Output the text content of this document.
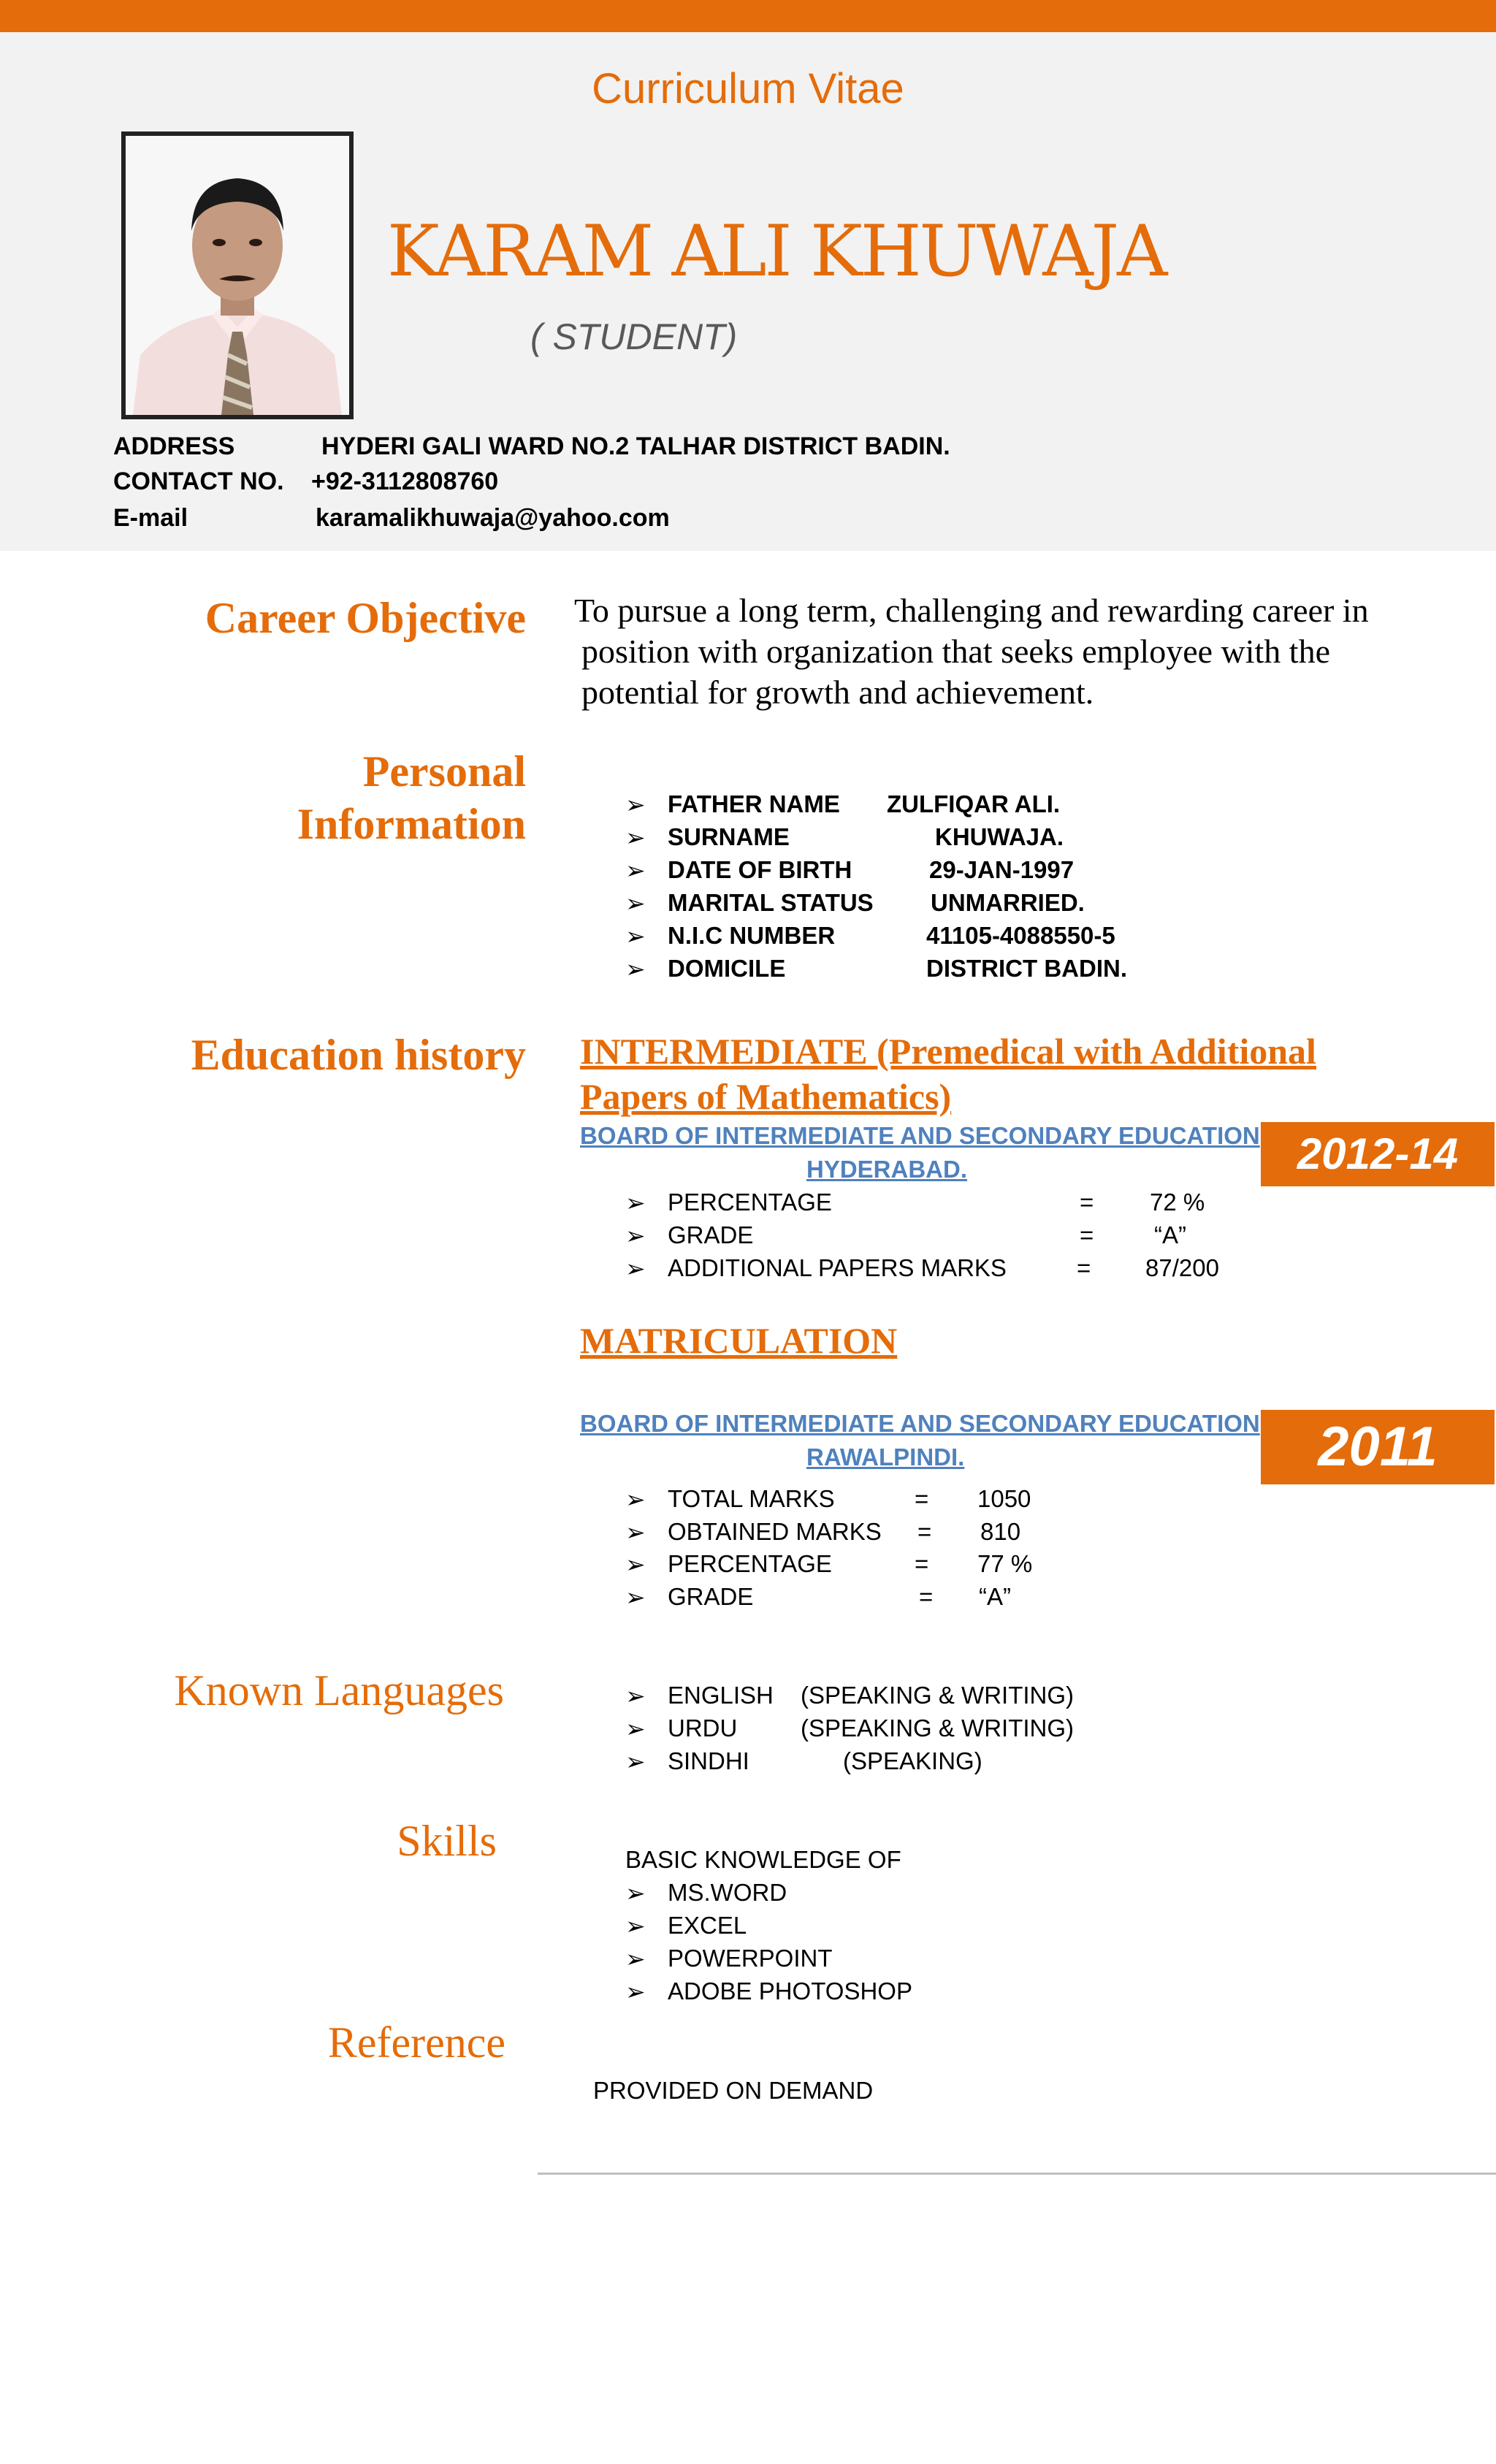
Curriculum Vitae
KARAM ALI KHUWAJA
( STUDENT)
ADDRESS	HYDERI GALI WARD NO.2 TALHAR DISTRICT BADIN.
CONTACT NO. +92-3112808760
E-mail	karamalikhuwaja@yahoo.com
Career Objective To pursue a long term, challenging and rewarding career in
position with organization that seeks employee with the
potential for growth and achievement.
Personal
Information	➢ FATHER NAME ZULFIQAR ALI.
➢ SURNAME	KHUWAJA.
➢ DATE OF BIRTH	29-JAN-1997
➢ MARITAL STATUS UNMARRIED.
➢ N.I.C NUMBER	41105-4088550-5
➢ DOMICILE	DISTRICT BADIN.
Education history INTERMEDIATE (Premedical with Additional
Papers of Mathematics)
BOARD OF INTERMEDIATE AND SECONDARY EDUCATION
HYDERABAD.	2012-14
➢ PERCENTAGE	= 72 %
➢ GRADE	=	“A”
➢ ADDITIONAL PAPERS MARKS	= 87/200
MATRICULATION
BOARD OF INTERMEDIATE AND SECONDARY EDUCATION
RAWALPINDI.	2011
➢ TOTAL MARKS	= 1050
➢ OBTAINED MARKS = 810
➢ PERCENTAGE	= 77 %
➢ GRADE	= “A”
Known Languages	➢ ENGLISH (SPEAKING & WRITING)
➢ URDU	(SPEAKING & WRITING)
➢ SINDHI	(SPEAKING)
Skills	BASIC KNOWLEDGE OF
➢ MS.WORD
➢ EXCEL
➢ POWERPOINT
➢ ADOBE PHOTOSHOP
Reference
PROVIDED ON DEMAND
